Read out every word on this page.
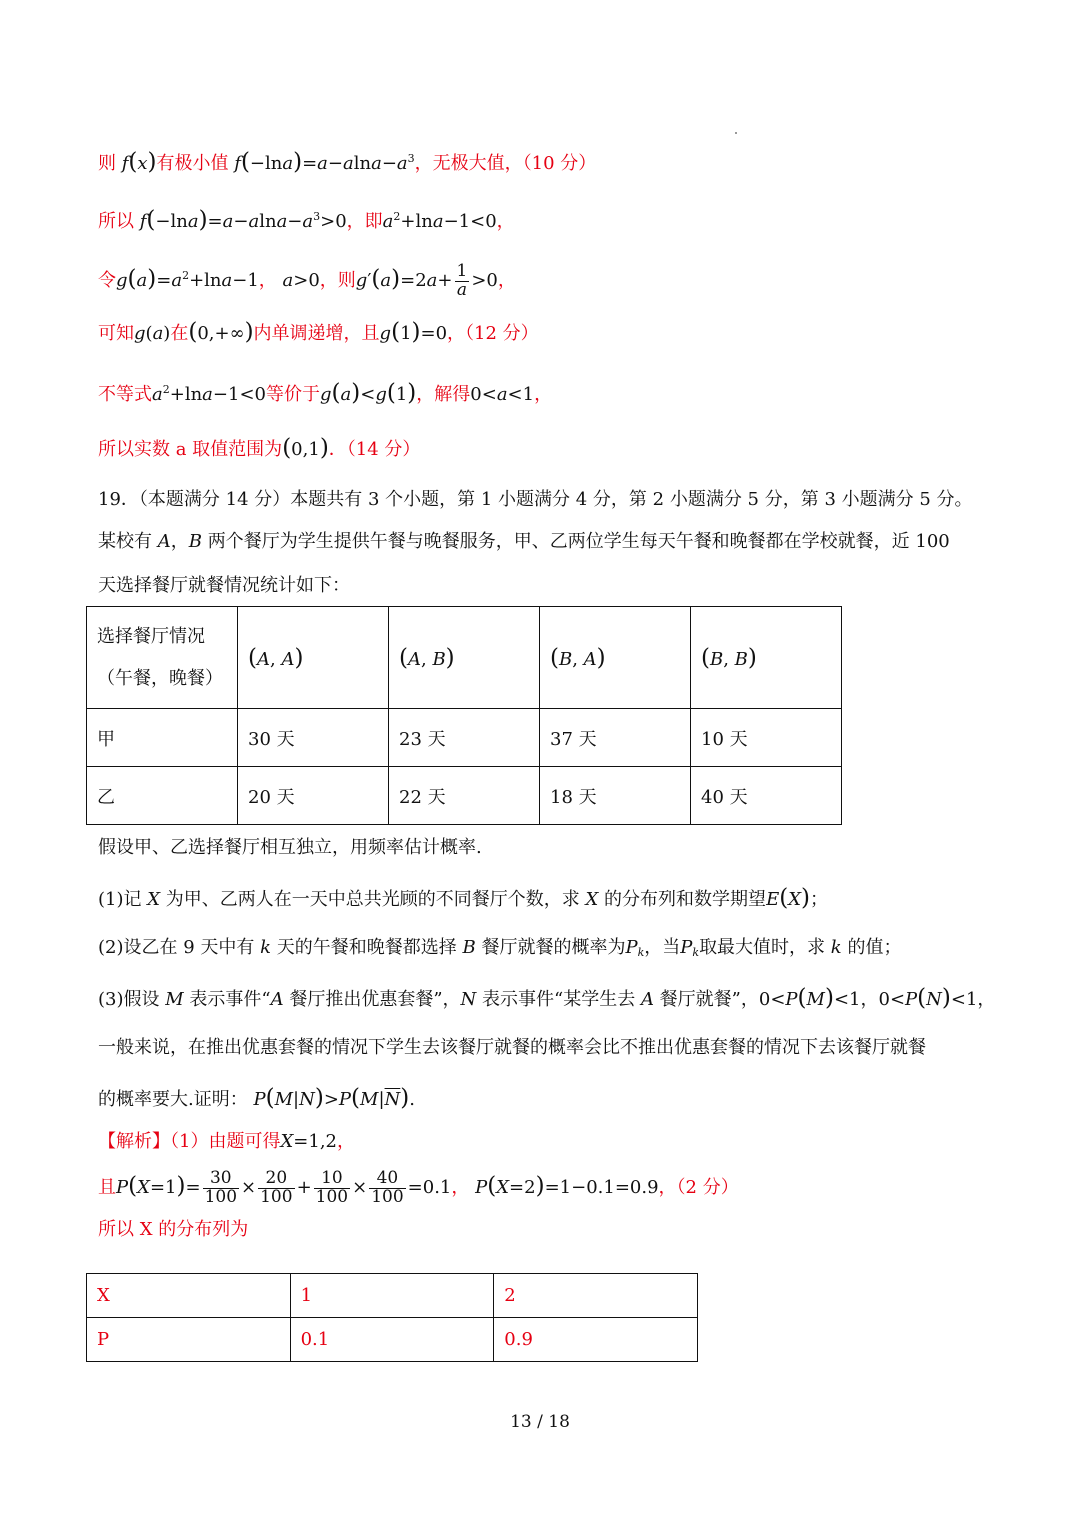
则 f(x)有极小值 $f(-\ln a)=a-alna-a^3$，无极大值，（10 分）
所以 $f(-\ln a)=a-alna-a^3>0$，即$a^2+\ln a-1<0$，
令$g(a)=a^2+\ln a-1$， a>0，则$g'(a)=2a+ \frac{1}{a} >0$，
可知g(a)在(0,+∞)内单调递增，且g(1)=0，（12 分）
不等式$a^2+\ln a-1<0$等价于g(a)<g(1)，解得0<a<1，
所以实数 a 取值范围为(0,1)．（14 分）
19．（本题满分 14 分）本题共有 3 个小题，第 1 小题满分 4 分，第 2 小题满分 5 分，第 3 小题满分 5 分。
某校有 A，B 两个餐厅为学生提供午餐与晚餐服务，甲、乙两位学生每天午餐和晚餐都在学校就餐，近 100
天选择餐厅就餐情况统计如下：
选择餐厅情况
（午餐，晚餐）	(A, A)	(A, B)	(B, A)	(B, B)
甲	30 天	23 天	37 天	10 天
乙	20 天	22 天	18 天	40 天
假设甲、乙选择餐厅相互独立，用频率估计概率.
(1)记 X 为甲、乙两人在一天中总共光顾的不同餐厅个数，求 X 的分布列和数学期望E(X)；
(2)设乙在 9 天中有 k 天的午餐和晚餐都选择 B 餐厅就餐的概率为$P_k$，当$P_k$取最大值时，求 k 的值；
(3)假设 M 表示事件“A 餐厅推出优惠套餐”，N 表示事件“某学生去 A 餐厅就餐”，0<P(M)<1，0<P(N)<1，
一般来说，在推出优惠套餐的情况下学生去该餐厅就餐的概率会比不推出优惠套餐的情况下去该餐厅就餐
的概率要大.证明： $P(M|N)>P(M|\overline{N})$.
【解析】（1）由题可得X=1,2，
且$P(X=1)= \frac{30}{100} \times \frac{20}{100} + \frac{10}{100} \times \frac{40}{100} =0.1$， P(X=2)=1−0.1=0.9，（2 分）
所以 X 的分布列为
X	1	2
P	0.1	0.9
13 / 18
